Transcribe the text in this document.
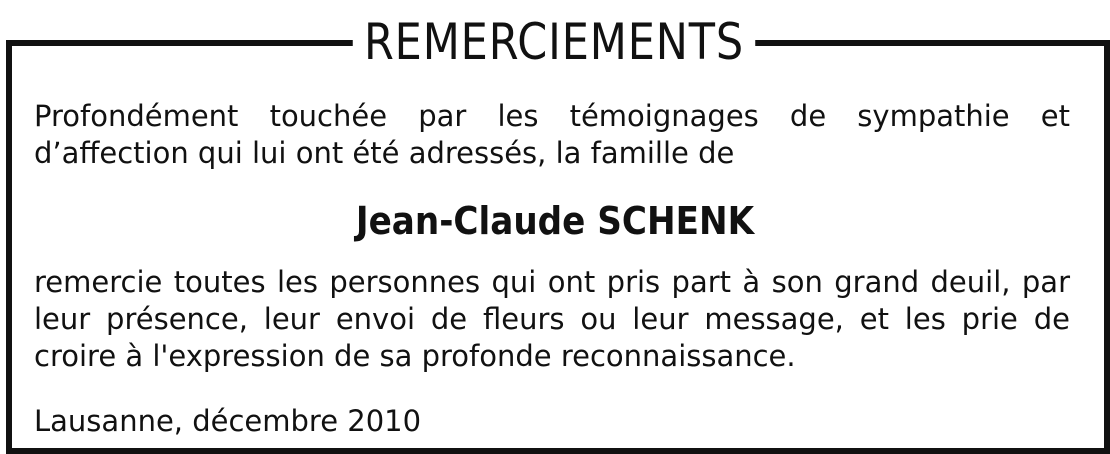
REMERCIEMENTS
Profondément touchée par les témoignages de sympathie et d’affection qui lui ont été adressés, la famille de
Jean-Claude SCHENK
remercie toutes les personnes qui ont pris part à son grand deuil, par leur présence, leur envoi de fleurs ou leur message, et les prie de croire à l'expression de sa profonde reconnaissance.
Lausanne, décembre 2010
